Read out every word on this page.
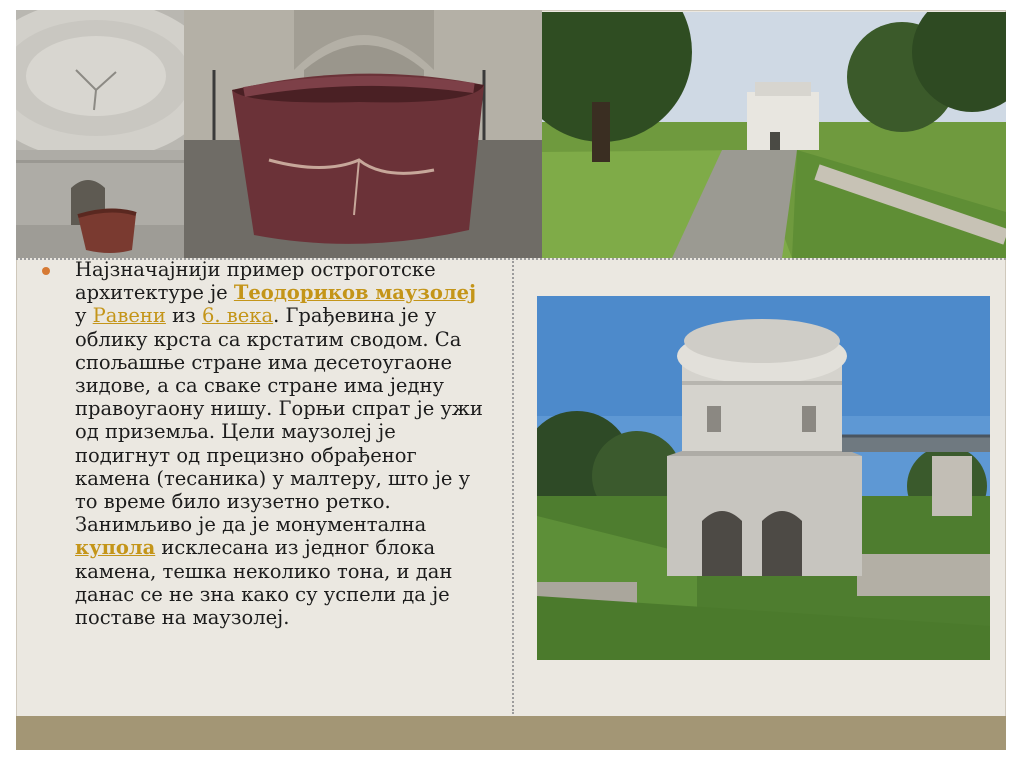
Најзначајнији пример остроготске архитектуре је Теодориков маузолеј у Равени из 6. века. Грађевина је у облику крста са крстатим сводом. Са спољашње стране има десетоугаоне зидове, а са сваке стране има једну правоугаону нишу. Горњи спрат је ужи од приземља. Цели маузолеј је подигнут од прецизно обрађеног камена (тесаника) у малтеру, што је у то време било изузетно ретко. Занимљиво је да је монументална купола исклесана из једног блока камена, тешка неколико тона, и дан данас се не зна како су успели да је поставе на маузолеј.
